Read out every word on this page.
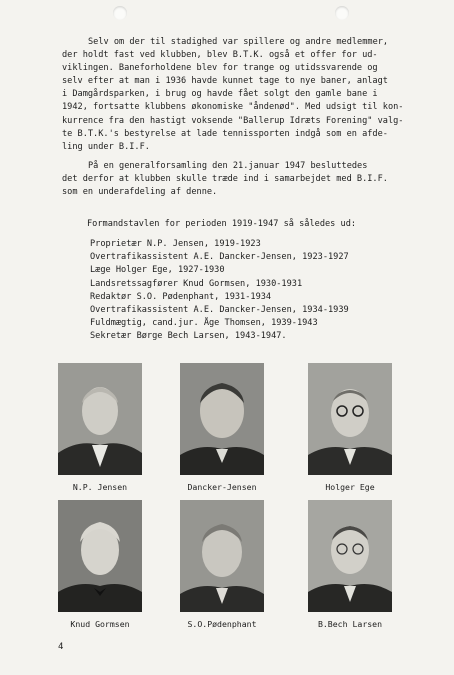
Selv om der til stadighed var spillere og andre medlemmer,
der holdt fast ved klubben, blev B.T.K. også et offer for ud-
viklingen. Baneforholdene blev for trange og utidssvarende og
selv efter at man i 1936 havde kunnet tage to nye baner, anlagt
i Damgårdsparken, i brug og havde fået solgt den gamle bane i
1942, fortsatte klubbens økonomiske "åndenød". Med udsigt til kon-
kurrence fra den hastigt voksende "Ballerup Idræts Forening" valg-
te B.T.K.'s bestyrelse at lade tennissporten indgå som en afde-
ling under B.I.F.
På en generalforsamling den 21.januar 1947 besluttedes
det derfor at klubben skulle træde ind i samarbejdet med B.I.F.
som en underafdeling af denne.
Formandstavlen for perioden 1919-1947 så således ud:
Proprietær N.P. Jensen, 1919-1923
Overtrafikassistent A.E. Dancker-Jensen, 1923-1927
Læge Holger Ege, 1927-1930
Landsretssagfører Knud Gormsen, 1930-1931
Redaktør S.O. Pødenphant, 1931-1934
Overtrafikassistent A.E. Dancker-Jensen, 1934-1939
Fuldmægtig, cand.jur. Åge Thomsen, 1939-1943
Sekretær Børge Bech Larsen, 1943-1947.
N.P. Jensen	Dancker-Jensen	Holger Ege
Knud Gormsen	S.O.Pødenphant	B.Bech Larsen
4
